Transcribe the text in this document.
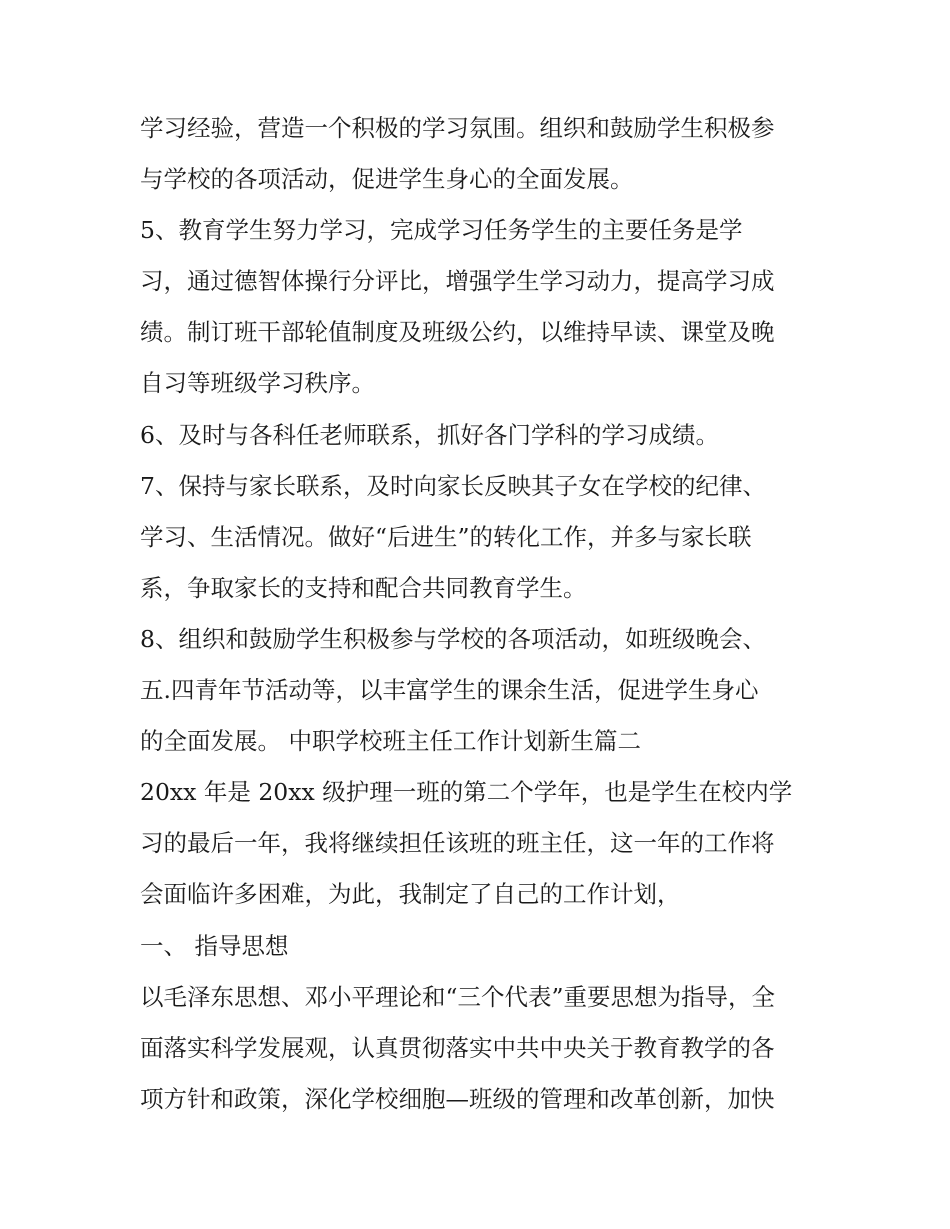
学习经验，营造一个积极的学习氛围。组织和鼓励学生积极参
与学校的各项活动，促进学生身心的全面发展。
5、教育学生努力学习，完成学习任务学生的主要任务是学
习，通过德智体操行分评比，增强学生学习动力，提高学习成
绩。制订班干部轮值制度及班级公约，以维持早读、课堂及晚
自习等班级学习秩序。
6、及时与各科任老师联系，抓好各门学科的学习成绩。
7、保持与家长联系，及时向家长反映其子女在学校的纪律、
学习、生活情况。做好“后进生”的转化工作，并多与家长联
系，争取家长的支持和配合共同教育学生。
8、组织和鼓励学生积极参与学校的各项活动，如班级晚会、
五.四青年节活动等，以丰富学生的课余生活，促进学生身心
的全面发展。 中职学校班主任工作计划新生篇二
20xx 年是 20xx 级护理一班的第二个学年，也是学生在校内学
习的最后一年，我将继续担任该班的班主任，这一年的工作将
会面临许多困难，为此，我制定了自己的工作计划，
一、 指导思想
以毛泽东思想、邓小平理论和“三个代表”重要思想为指导，全
面落实科学发展观，认真贯彻落实中共中央关于教育教学的各
项方针和政策，深化学校细胞—班级的管理和改革创新，加快
